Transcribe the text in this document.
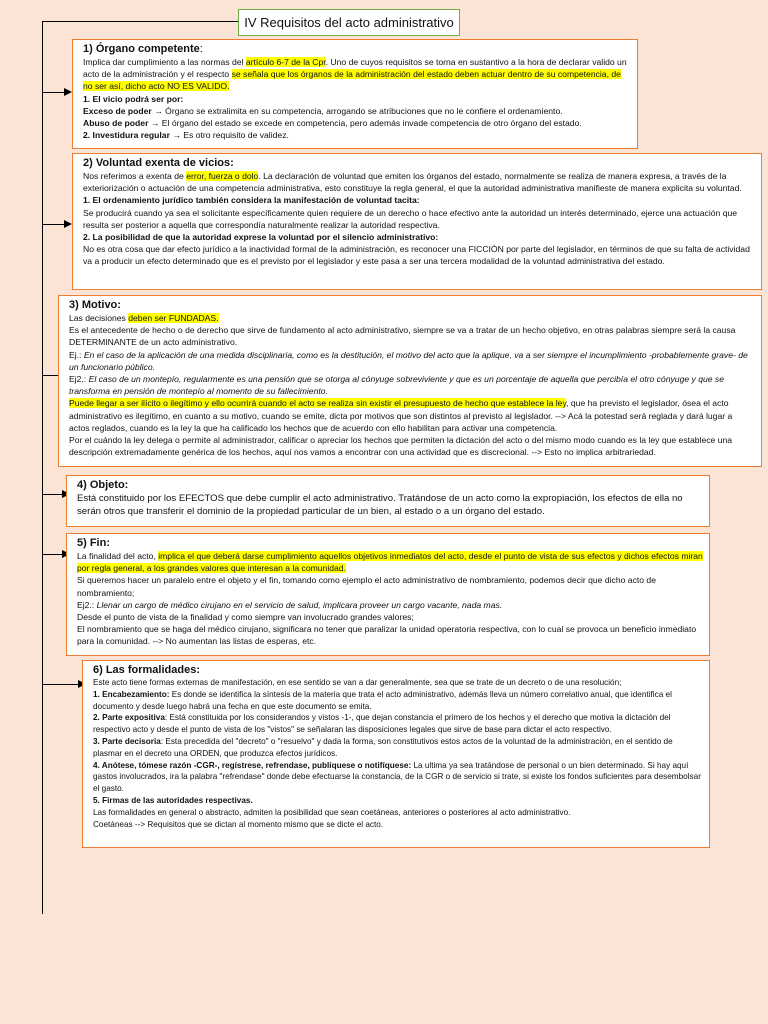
IV Requisitos del acto administrativo

1) Órgano competente:

Implica dar cumplimiento a las normas del artículo 6-7 de la Cpr. Uno de cuyos requisitos se torna en sustantivo a la hora de declarar valido un acto de la administración y el respecto se señala que los órganos de la administración del estado deben actuar dentro de su competencia, de no ser así, dicho acto NO ES VALIDO.

1. El vicio podrá ser por:

Exceso de poder → Órgano se extralimita en su competencia, arrogando se atribuciones que no le confiere el ordenamiento.

Abuso de poder → El órgano del estado se excede en competencia, pero además invade competencia de otro órgano del estado.

2. Investidura regular → Es otro requisito de validez.

2) Voluntad exenta de vicios:

Nos referimos a exenta de error, fuerza o dolo. La declaración de voluntad que emiten los órganos del estado, normalmente se realiza de manera expresa, a través de la exteriorización o actuación de una competencia administrativa, esto constituye la regla general, el que la autoridad administrativa manifieste de manera explicita su voluntad.

1. El ordenamiento jurídico también considera la manifestación de voluntad tacita:

Se producirá cuando ya sea el solicitante específicamente quien requiere de un derecho o hace efectivo ante la autoridad un interés determinado, ejerce una actuación que resulta ser posterior a aquella que correspondía naturalmente realizar la autoridad respectiva.

2. La posibilidad de que la autoridad exprese la voluntad por el silencio administrativo:

No es otra cosa que dar efecto jurídico a la inactividad formal de la administración, es reconocer una FICCIÓN por parte del legislador, en términos de que su falta de actividad va a producir un efecto determinado que es el previsto por el legislador y este pasa a ser una tercera modalidad de la voluntad administrativa del estado.

3) Motivo:

Las decisiones deben ser FUNDADAS.

Es el antecedente de hecho o de derecho que sirve de fundamento al acto administrativo, siempre se va a tratar de un hecho objetivo, en otras palabras siempre será la causa DETERMINANTE de un acto administrativo.

Ej.: En el caso de la aplicación de una medida disciplinaria, como es la destitución, el motivo del acto que la aplique, va a ser siempre el incumplimiento -probablemente grave- de un funcionario público.

Ej2.: El caso de un montepío, regularmente es una pensión que se otorga al cónyuge sobreviviente y que es un porcentaje de aquella que percibía el otro cónyuge y que se transforma en pensión de montepío al momento de su fallecimiento.

Puede llegar a ser ilícito o ilegítimo y ello ocurrirá cuando el acto se realiza sin existir el presupuesto de hecho que establece la ley, que ha previsto el legislador, ósea el acto administrativo es ilegítimo, en cuanto a su motivo, cuando se emite, dicta por motivos que son distintos al previsto al legislador. --> Acá la potestad será reglada y dará lugar a actos reglados, cuando es la ley la que ha calificado los hechos que de acuerdo con ello habilitan para activar una competencia.

Por el cuándo la ley delega o permite al administrador, calificar o apreciar los hechos que permiten la dictación del acto o del mismo modo cuando es la ley que establece una descripción extremadamente genérica de los hechos, aquí nos vamos a encontrar con una actividad que es discrecional. --> Esto no implica arbitrariedad.

4) Objeto:

Está constituido por los EFECTOS que debe cumplir el acto administrativo. Tratándose de un acto como la expropiación, los efectos de ella no serán otros que transferir el dominio de la propiedad particular de un bien, al estado o a un órgano del estado.

5) Fin:

La finalidad del acto, implica el que deberá darse cumplimiento aquellos objetivos inmediatos del acto, desde el punto de vista de sus efectos y dichos efectos miran por regla general, a los grandes valores que interesan a la comunidad.

Si queremos hacer un paralelo entre el objeto y el fin, tomando como ejemplo el acto administrativo de nombramiento, podemos decir que dicho acto de nombramiento;

Ej2.: Llenar un cargo de médico cirujano en el servicio de salud, implicara proveer un cargo vacante, nada mas.

Desde el punto de vista de la finalidad y como siempre van involucrado grandes valores;

El nombramiento que se haga del médico cirujano, significara no tener que paralizar la unidad operatoria respectiva, con lo cual se provoca un beneficio inmediato para la comunidad. --> No aumentan las listas de esperas, etc.

6) Las formalidades:

Este acto tiene formas externas de manifestación, en ese sentido se van a dar generalmente, sea que se trate de un decreto o de una resolución;

1. Encabezamiento: Es donde se identifica la síntesis de la materia que trata el acto administrativo, además lleva un número correlativo anual, que identifica el documento y desde luego habrá una fecha en que este documento se emita.

2. Parte expositiva: Está constituida por los considerandos y vistos -1-, que dejan constancia el primero de los hechos y el derecho que motiva la dictación del respectivo acto y desde el punto de vista de los "vistos" se señalaran las disposiciones legales que sirve de base para dictar el acto respectivo.

3. Parte decisoria: Esta precedida del "decreto" o "resuelvo" y dada la forma, son constitutivos estos actos de la voluntad de la administración, en el sentido de plasmar en el decreto una ORDEN, que produzca efectos jurídicos.

4. Anótese, tómese razón -CGR-, regístrese, refrendase, publíquese o notifíquese: La ultima ya sea tratándose de personal o un bien determinado. Si hay aquí gastos involucrados, ira la palabra "refrendase" donde debe efectuarse la constancia, de la CGR o de servicio si trate, si existe los fondos suficientes para desembolsar el gasto.

5. Firmas de las autoridades respectivas.

Las formalidades en general o abstracto, admiten la posibilidad que sean coetáneas, anteriores o posteriores al acto administrativo.

Coetáneas --> Requisitos que se dictan al momento mismo que se dicte el acto.
